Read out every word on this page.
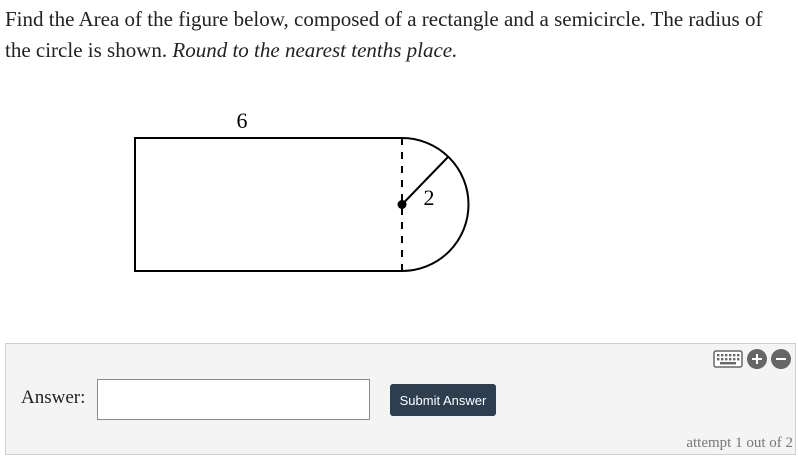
Find the Area of the figure below, composed of a rectangle and a semicircle. The radius of the circle is shown. Round to the nearest tenths place.
6
2
Answer:	Submit Answer
attempt 1 out of 2
